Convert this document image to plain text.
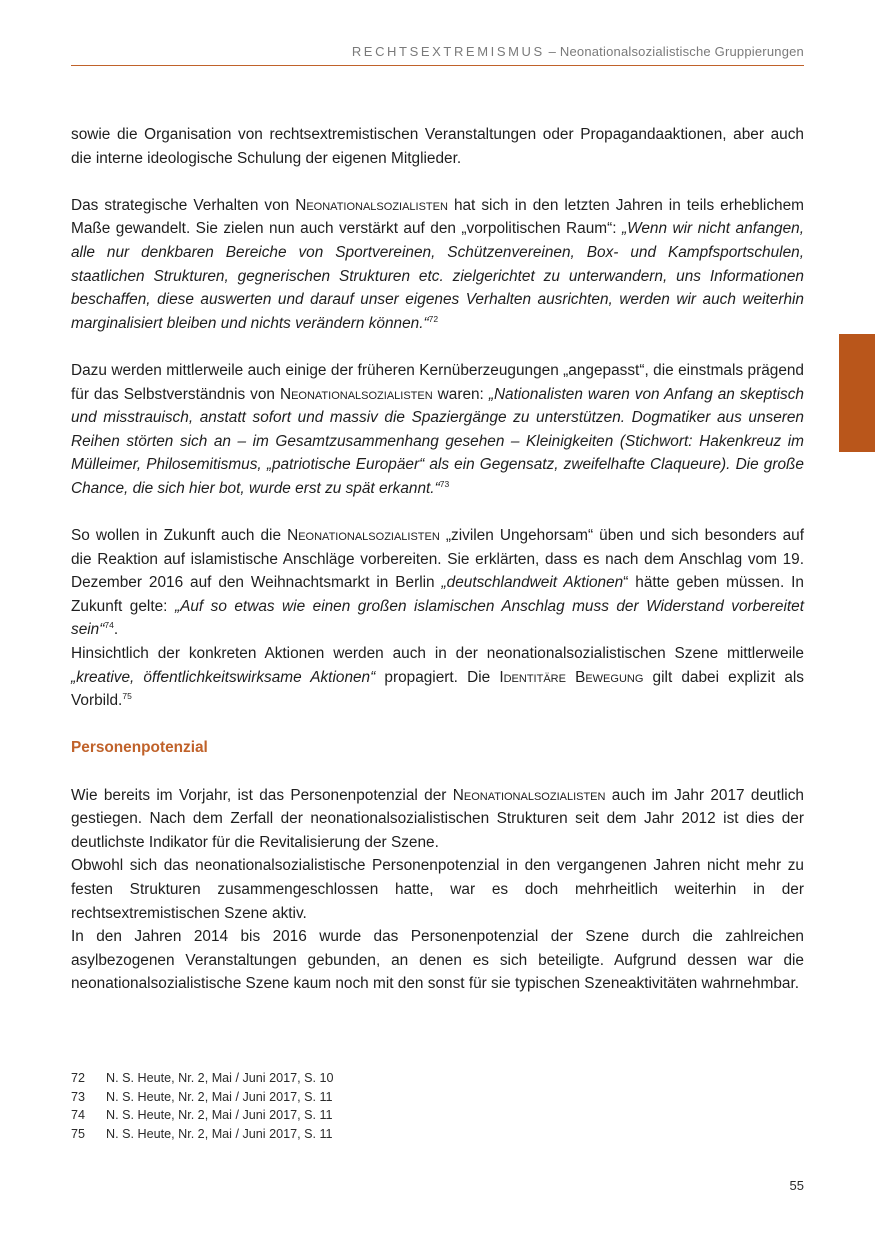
RECHTSEXTREMISMUS – Neonationalsozialistische Gruppierungen

sowie die Organisation von rechtsextremistischen Veranstaltungen oder Propagandaaktionen, aber auch die interne ideologische Schulung der eigenen Mitglieder.

Das strategische Verhalten von Neonationalsozialisten hat sich in den letzten Jahren in teils erheblichem Maße gewandelt. Sie zielen nun auch verstärkt auf den „vorpolitischen Raum“: „Wenn wir nicht anfangen, alle nur denkbaren Bereiche von Sportvereinen, Schützenvereinen, Box- und Kampfsportschulen, staatlichen Strukturen, gegnerischen Strukturen etc. zielgerichtet zu unterwandern, uns Informationen beschaffen, diese auswerten und darauf unser eigenes Verhalten ausrichten, werden wir auch weiterhin marginalisiert bleiben und nichts verändern können.“$^{72}$

Dazu werden mittlerweile auch einige der früheren Kernüberzeugungen „angepasst“, die einstmals prägend für das Selbstverständnis von Neonationalsozialisten waren: „Nationalisten waren von Anfang an skeptisch und misstrauisch, anstatt sofort und massiv die Spaziergänge zu unterstützen. Dogmatiker aus unseren Reihen störten sich an – im Gesamtzusammenhang gesehen – Kleinigkeiten (Stichwort: Hakenkreuz im Mülleimer, Philosemitismus, „patriotische Europäer“ als ein Gegensatz, zweifelhafte Claqueure). Die große Chance, die sich hier bot, wurde erst zu spät erkannt.“$^{73}$

So wollen in Zukunft auch die Neonationalsozialisten „zivilen Ungehorsam“ üben und sich besonders auf die Reaktion auf islamistische Anschläge vorbereiten. Sie erklärten, dass es nach dem Anschlag vom 19. Dezember 2016 auf den Weihnachtsmarkt in Berlin „deutschlandweit Aktionen“ hätte geben müssen. In Zukunft gelte: „Auf so etwas wie einen großen islamischen Anschlag muss der Widerstand vorbereitet sein“$^{74}$.

Hinsichtlich der konkreten Aktionen werden auch in der neonationalsozialistischen Szene mittlerweile „kreative, öffentlichkeitswirksame Aktionen“ propagiert. Die Identitäre Bewegung gilt dabei explizit als Vorbild.$^{75}$

Personenpotenzial

Wie bereits im Vorjahr, ist das Personenpotenzial der Neonationalsozialisten auch im Jahr 2017 deutlich gestiegen. Nach dem Zerfall der neonationalsozialistischen Strukturen seit dem Jahr 2012 ist dies der deutlichste Indikator für die Revitalisierung der Szene.

Obwohl sich das neonationalsozialistische Personenpotenzial in den vergangenen Jahren nicht mehr zu festen Strukturen zusammengeschlossen hatte, war es doch mehrheitlich weiterhin in der rechtsextremistischen Szene aktiv.

In den Jahren 2014 bis 2016 wurde das Personenpotenzial der Szene durch die zahlreichen asylbezogenen Veranstaltungen gebunden, an denen es sich beteiligte. Aufgrund dessen war die neonationalsozialistische Szene kaum noch mit den sonst für sie typischen Szeneaktivitäten wahrnehmbar.

72	N. S. Heute, Nr. 2, Mai / Juni 2017, S. 10
73	N. S. Heute, Nr. 2, Mai / Juni 2017, S. 11
74	N. S. Heute, Nr. 2, Mai / Juni 2017, S. 11
75	N. S. Heute, Nr. 2, Mai / Juni 2017, S. 11
55
